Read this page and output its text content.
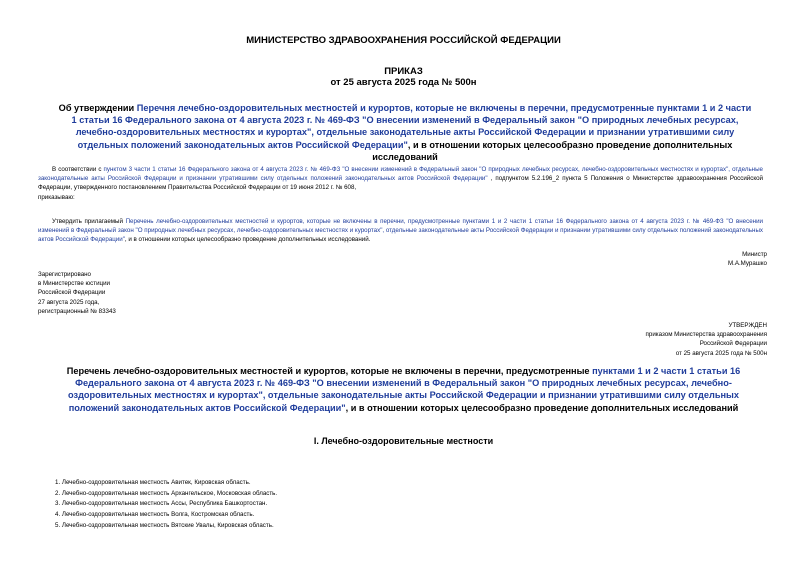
МИНИСТЕРСТВО ЗДРАВООХРАНЕНИЯ РОССИЙСКОЙ ФЕДЕРАЦИИ
ПРИКАЗ
от 25 августа 2025 года № 500н
Об утверждении Перечня лечебно-оздоровительных местностей и курортов, которые не включены в перечни, предусмотренные пунктами 1 и 2 части 1 статьи 16 Федерального закона от 4 августа 2023 г. № 469-ФЗ "О внесении изменений в Федеральный закон "О природных лечебных ресурсах, лечебно-оздоровительных местностях и курортах", отдельные законодательные акты Российской Федерации и признании утратившими силу отдельных положений законодательных актов Российской Федерации", и в отношении которых целесообразно проведение дополнительных исследований
В соответствии с пунктом 3 части 1 статьи 16 Федерального закона от 4 августа 2023 г. № 469-ФЗ "О внесении изменений в Федеральный закон "О природных лечебных ресурсах, лечебно-оздоровительных местностях и курортах", отдельные законодательные акты Российской Федерации и признании утратившими силу отдельных положений законодательных актов Российской Федерации" , подпунктом 5.2.196_2 пункта 5 Положения о Министерстве здравоохранения Российской Федерации, утвержденного постановлением Правительства Российской Федерации от 19 июня 2012 г. № 608,
приказываю:
Утвердить прилагаемый Перечень лечебно-оздоровительных местностей и курортов, которые не включены в перечни, предусмотренные пунктами 1 и 2 части 1 статьи 16 Федерального закона от 4 августа 2023 г. № 469-ФЗ "О внесении изменений в Федеральный закон "О природных лечебных ресурсах, лечебно-оздоровительных местностях и курортах", отдельные законодательные акты Российской Федерации и признании утратившими силу отдельных положений законодательных актов Российской Федерации", и в отношении которых целесообразно проведение дополнительных исследований.
Министр
М.А.Мурашко
Зарегистрировано
в Министерстве юстиции
Российской Федерации
27 августа 2025 года,
регистрационный № 83343
УТВЕРЖДЕН
приказом Министерства здравоохранения
Российской Федерации
от 25 августа 2025 года № 500н
Перечень лечебно-оздоровительных местностей и курортов, которые не включены в перечни, предусмотренные пунктами 1 и 2 части 1 статьи 16 Федерального закона от 4 августа 2023 г. № 469-ФЗ "О внесении изменений в Федеральный закон "О природных лечебных ресурсах, лечебно-оздоровительных местностях и курортах", отдельные законодательные акты Российской Федерации и признании утратившими силу отдельных положений законодательных актов Российской Федерации", и в отношении которых целесообразно проведение дополнительных исследований
I. Лечебно-оздоровительные местности
1. Лечебно-оздоровительная местность Авитек, Кировская область.
2. Лечебно-оздоровительная местность Архангельское, Московская область.
3. Лечебно-оздоровительная местность Ассы, Республика Башкортостан.
4. Лечебно-оздоровительная местность Волга, Костромская область.
5. Лечебно-оздоровительная местность Вятские Увалы, Кировская область.
